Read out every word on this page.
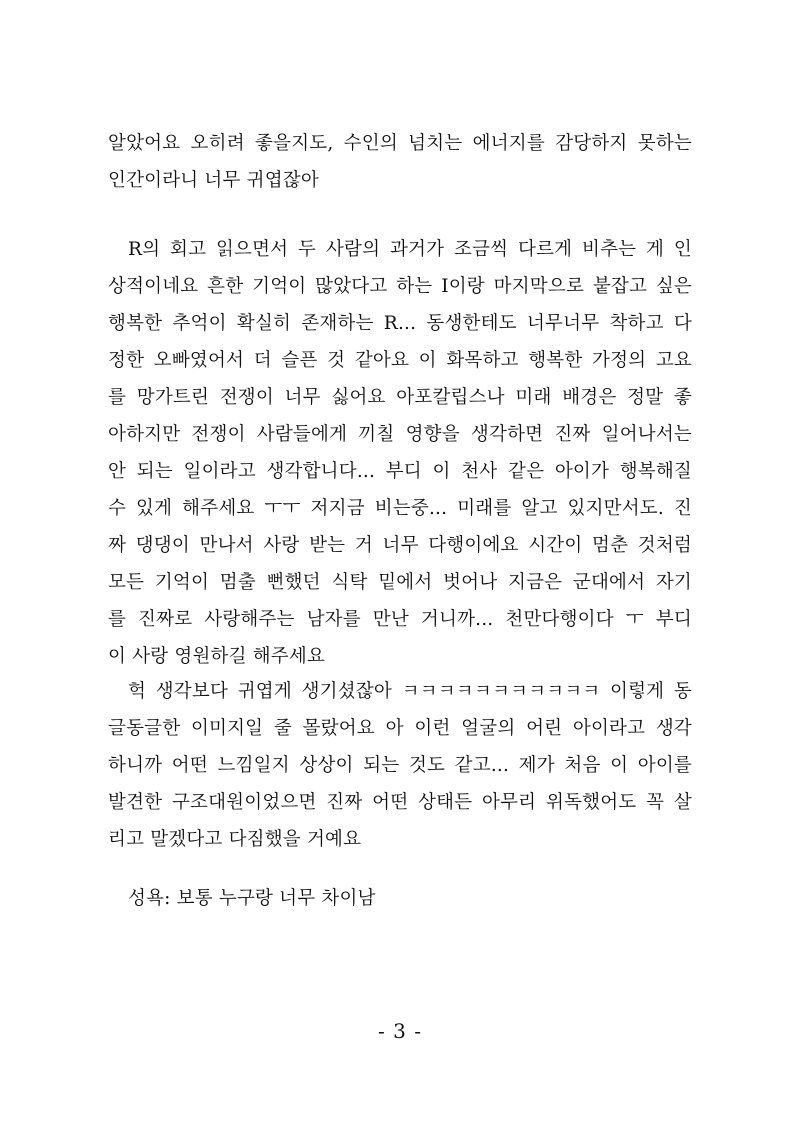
알았어요 오히려 좋을지도, 수인의 넘치는 에너지를 감당하지 못하는
인간이라니 너무 귀엽잖아
R의 회고 읽으면서 두 사람의 과거가 조금씩 다르게 비추는 게 인
상적이네요 흔한 기억이 많았다고 하는 I이랑 마지막으로 붙잡고 싶은
행복한 추억이 확실히 존재하는 R... 동생한테도 너무너무 착하고 다
정한 오빠였어서 더 슬픈 것 같아요 이 화목하고 행복한 가정의 고요
를 망가트린 전쟁이 너무 싫어요 아포칼립스나 미래 배경은 정말 좋
아하지만 전쟁이 사람들에게 끼칠 영향을 생각하면 진짜 일어나서는
안 되는 일이라고 생각합니다... 부디 이 천사 같은 아이가 행복해질
수 있게 해주세요 ㅜㅜ 저지금 비는중... 미래를 알고 있지만서도. 진
짜 댕댕이 만나서 사랑 받는 거 너무 다행이에요 시간이 멈춘 것처럼
모든 기억이 멈출 뻔했던 식탁 밑에서 벗어나 지금은 군대에서 자기
를 진짜로 사랑해주는 남자를 만난 거니까... 천만다행이다 ㅜ 부디
이 사랑 영원하길 해주세요
헉 생각보다 귀엽게 생기셨잖아 ㅋㅋㅋㅋㅋㅋㅋㅋㅋㅋㅋ 이렇게 동
글동글한 이미지일 줄 몰랐어요 아 이런 얼굴의 어린 아이라고 생각
하니까 어떤 느낌일지 상상이 되는 것도 같고... 제가 처음 이 아이를
발견한 구조대원이었으면 진짜 어떤 상태든 아무리 위독했어도 꼭 살
리고 말겠다고 다짐했을 거예요
성욕: 보통 누구랑 너무 차이남
- 3 -
